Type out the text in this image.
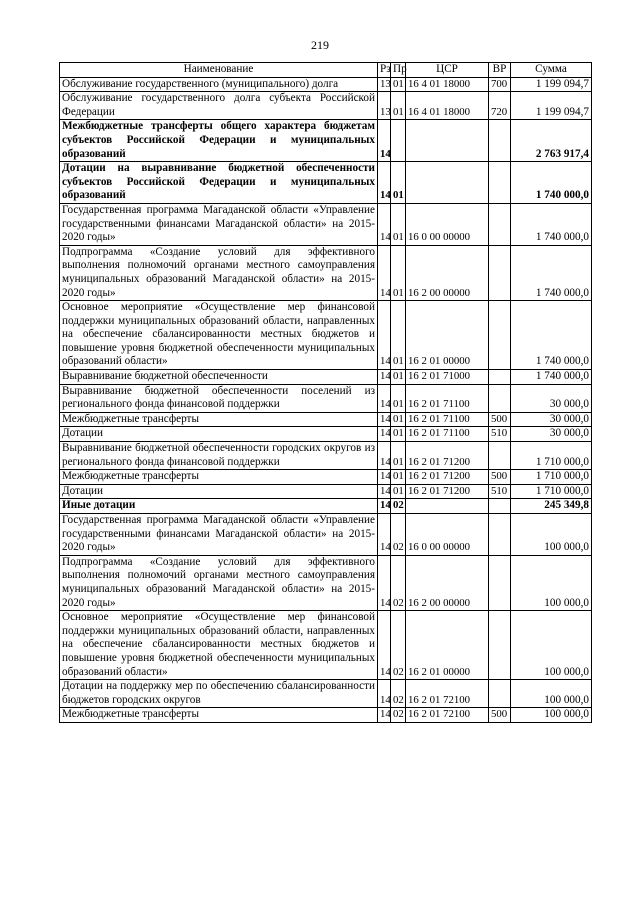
219
Наименование	Рз	Пр	ЦСР	ВР	Сумма
Обслуживание государственного (муниципального) долга	13	01	16 4 01 18000	700	1 199 094,7
Обслуживание государственного долга субъекта Российской Федерации	13	01	16 4 01 18000	720	1 199 094,7
Межбюджетные трансферты общего характера бюджетам субъектов Российской Федерации и муниципальных образований	14				2 763 917,4
Дотации на выравнивание бюджетной обеспеченности субъектов Российской Федерации и муниципальных образований	14	01			1 740 000,0
Государственная программа Магаданской области «Управление государственными финансами Магаданской области» на 2015-2020 годы»	14	01	16 0 00 00000		1 740 000,0
Подпрограмма «Создание условий для эффективного выполнения полномочий органами местного самоуправления муниципальных образований Магаданской области» на 2015-2020 годы»	14	01	16 2 00 00000		1 740 000,0
Основное мероприятие «Осуществление мер финансовой поддержки муниципальных образований области, направленных на обеспечение сбалансированности местных бюджетов и повышение уровня бюджетной обеспеченности муниципальных образований области»	14	01	16 2 01 00000		1 740 000,0
Выравнивание бюджетной обеспеченности	14	01	16 2 01 71000		1 740 000,0
Выравнивание бюджетной обеспеченности поселений из регионального фонда финансовой поддержки	14	01	16 2 01 71100		30 000,0
Межбюджетные трансферты	14	01	16 2 01 71100	500	30 000,0
Дотации	14	01	16 2 01 71100	510	30 000,0
Выравнивание бюджетной обеспеченности городских округов из регионального фонда финансовой поддержки	14	01	16 2 01 71200		1 710 000,0
Межбюджетные трансферты	14	01	16 2 01 71200	500	1 710 000,0
Дотации	14	01	16 2 01 71200	510	1 710 000,0
Иные дотации	14	02			245 349,8
Государственная программа Магаданской области «Управление государственными финансами Магаданской области» на 2015-2020 годы»	14	02	16 0 00 00000		100 000,0
Подпрограмма «Создание условий для эффективного выполнения полномочий органами местного самоуправления муниципальных образований Магаданской области» на 2015-2020 годы»	14	02	16 2 00 00000		100 000,0
Основное мероприятие «Осуществление мер финансовой поддержки муниципальных образований области, направленных на обеспечение сбалансированности местных бюджетов и повышение уровня бюджетной обеспеченности муниципальных образований области»	14	02	16 2 01 00000		100 000,0
Дотации на поддержку мер по обеспечению сбалансированности бюджетов городских округов	14	02	16 2 01 72100		100 000,0
Межбюджетные трансферты	14	02	16 2 01 72100	500	100 000,0
